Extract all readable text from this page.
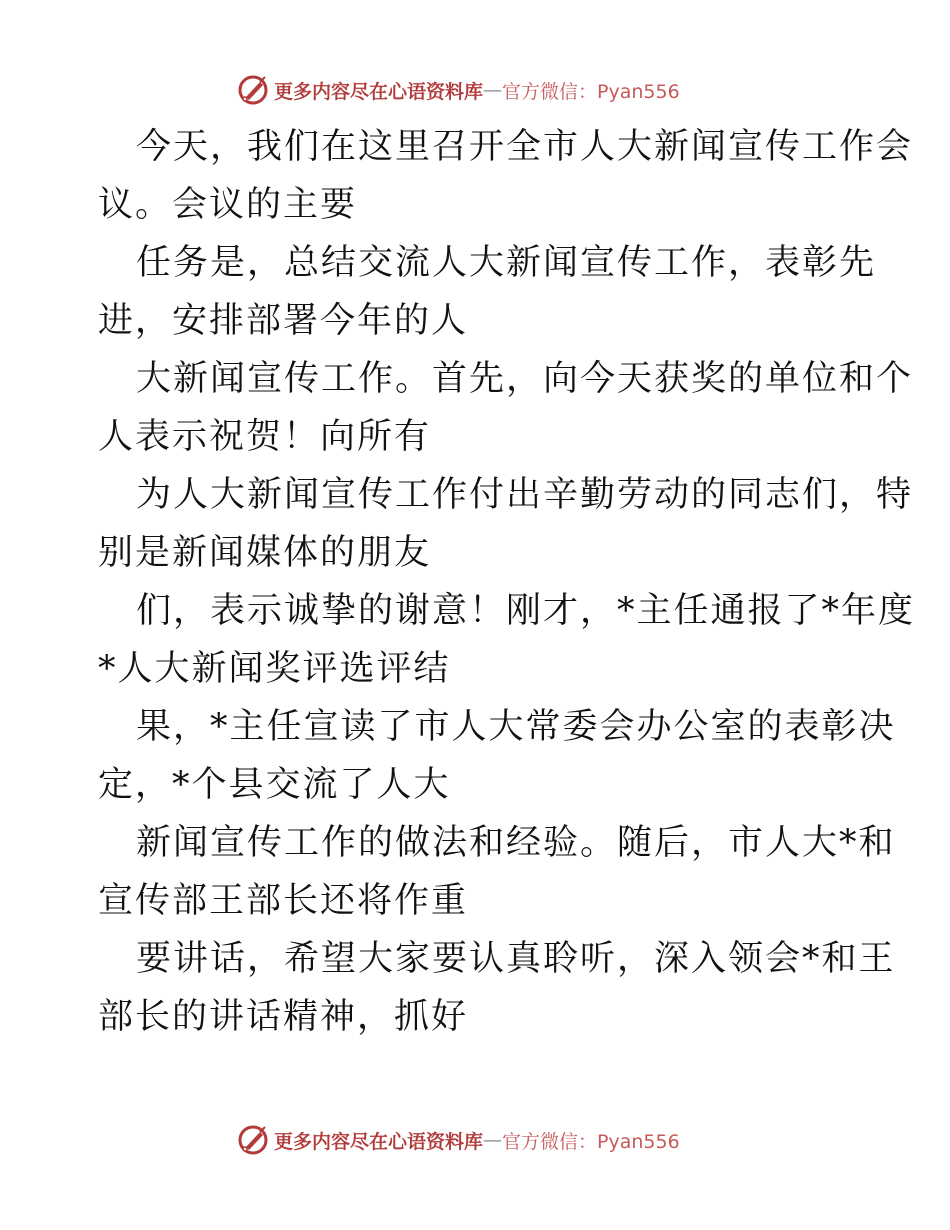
更多内容尽在心语资料库 — 官方微信：Pyan556
今天，我们在这里召开全市人大新闻宣传工作会
议。会议的主要
任务是，总结交流人大新闻宣传工作，表彰先
进，安排部署今年的人
大新闻宣传工作。首先，向今天获奖的单位和个
人表示祝贺！向所有
为人大新闻宣传工作付出辛勤劳动的同志们，特
别是新闻媒体的朋友
们，表示诚挚的谢意！刚才，*主任通报了*年度
*人大新闻奖评选评结
果，*主任宣读了市人大常委会办公室的表彰决
定，*个县交流了人大
新闻宣传工作的做法和经验。随后，市人大*和
宣传部王部长还将作重
要讲话，希望大家要认真聆听，深入领会*和王
部长的讲话精神，抓好
更多内容尽在心语资料库 — 官方微信：Pyan556
